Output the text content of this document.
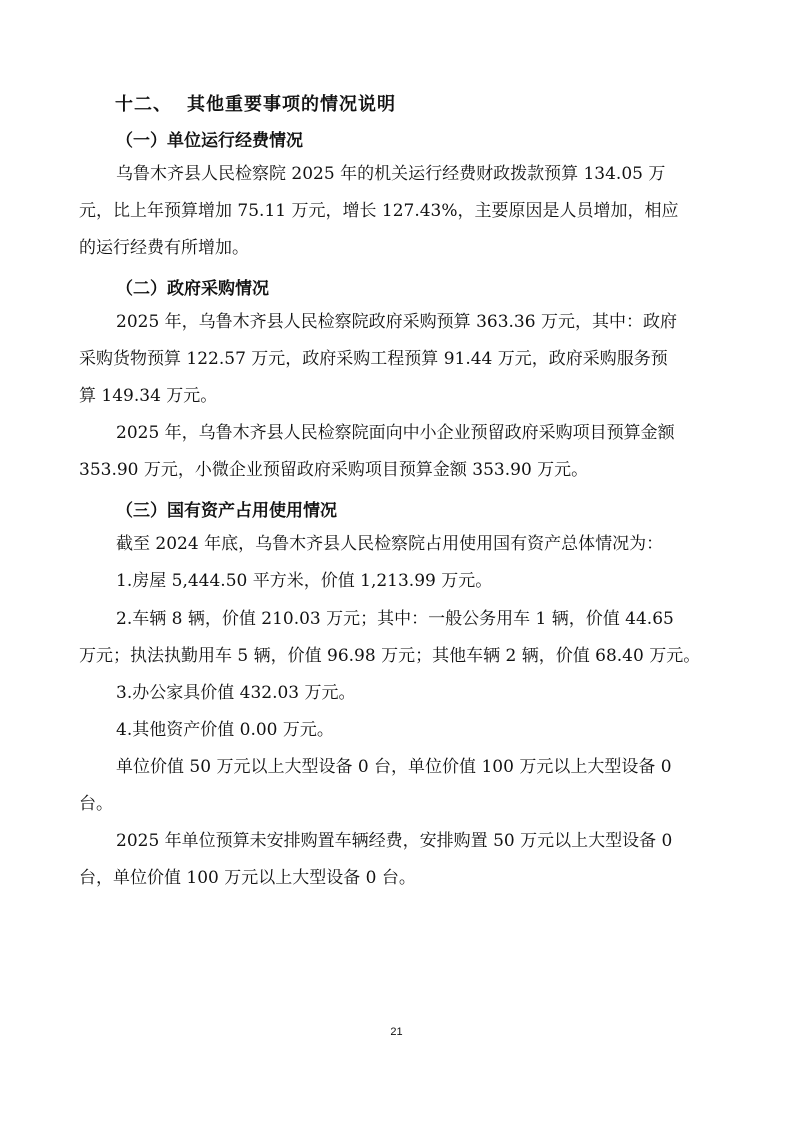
十二、 其他重要事项的情况说明
（一）单位运行经费情况
乌鲁木齐县人民检察院 2025 年的机关运行经费财政拨款预算 134.05 万
元，比上年预算增加 75.11 万元，增长 127.43%，主要原因是人员增加，相应
的运行经费有所增加。
（二）政府采购情况
2025 年，乌鲁木齐县人民检察院政府采购预算 363.36 万元，其中：政府
采购货物预算 122.57 万元，政府采购工程预算 91.44 万元，政府采购服务预
算 149.34 万元。
2025 年，乌鲁木齐县人民检察院面向中小企业预留政府采购项目预算金额
353.90 万元，小微企业预留政府采购项目预算金额 353.90 万元。
（三）国有资产占用使用情况
截至 2024 年底，乌鲁木齐县人民检察院占用使用国有资产总体情况为：
1.房屋 5,444.50 平方米，价值 1,213.99 万元。
2.车辆 8 辆，价值 210.03 万元；其中：一般公务用车 1 辆，价值 44.65
万元；执法执勤用车 5 辆，价值 96.98 万元；其他车辆 2 辆，价值 68.40 万元。
3.办公家具价值 432.03 万元。
4.其他资产价值 0.00 万元。
单位价值 50 万元以上大型设备 0 台，单位价值 100 万元以上大型设备 0
台。
2025 年单位预算未安排购置车辆经费，安排购置 50 万元以上大型设备 0
台，单位价值 100 万元以上大型设备 0 台。
21
